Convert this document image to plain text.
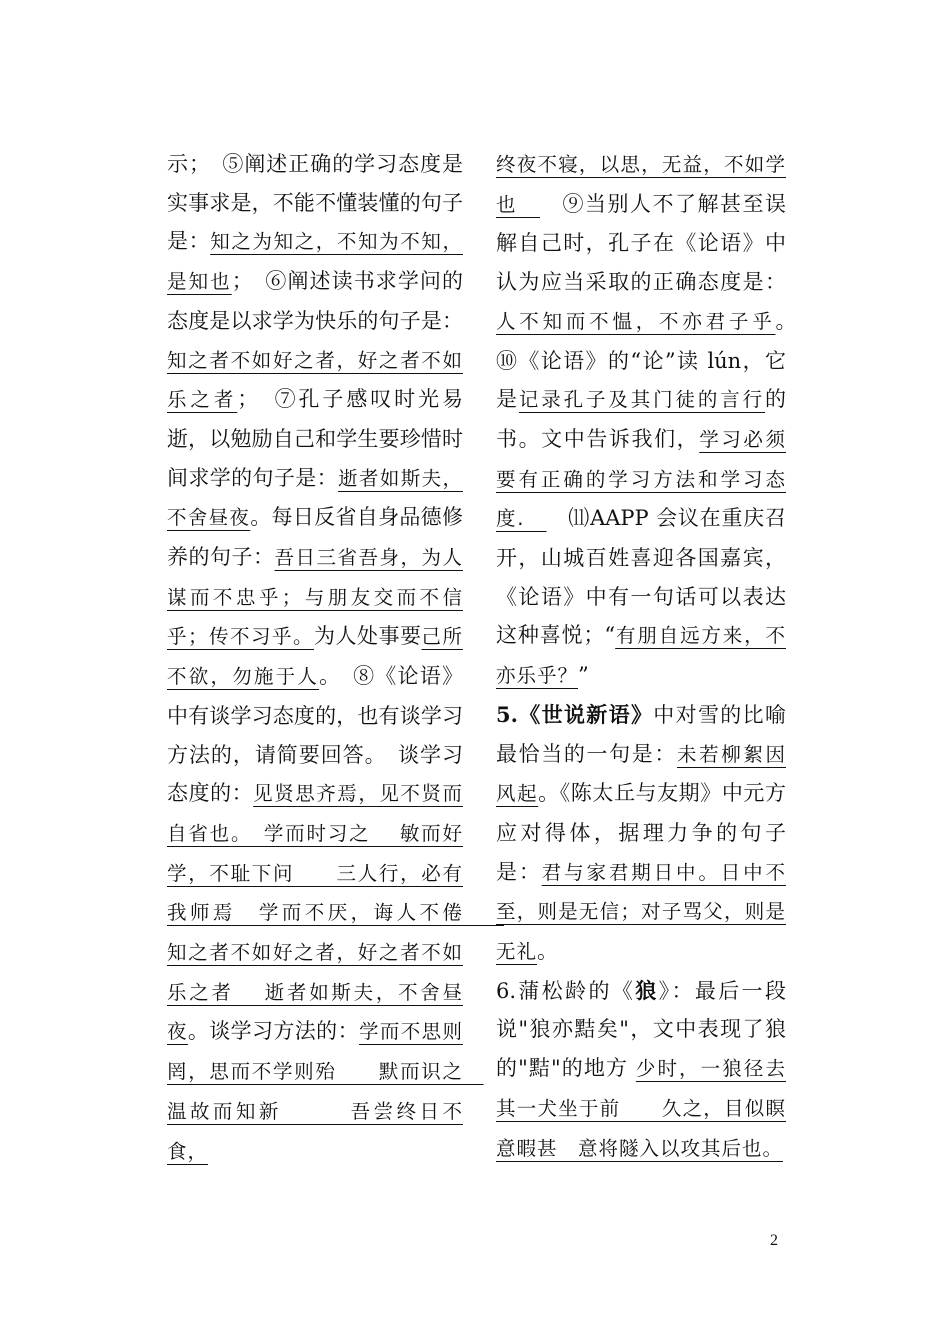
示；　⑤阐述正确的学习态度是实事求是，不能不懂装懂的句子是：知之为知之，不知为不知，是知也；　⑥阐述读书求学问的态度是以求学为快乐的句子是：知之者不如好之者，好之者不如乐之者；　⑦孔子感叹时光易逝，以勉励自己和学生要珍惜时间求学的句子是：逝者如斯夫，不舍昼夜。每日反省自身品德修养的句子：吾日三省吾身，为人谋而不忠乎；与朋友交而不信乎；传不习乎。为人处事要己所不欲，勿施于人。　⑧《论语》中有谈学习态度的，也有谈学习方法的，请简要回答。　谈学习态度的：见贤思齐焉，见不贤而自省也。　学而时习之　 敏而好学，不耻下问　　三人行，必有我师焉　学而不厌，诲人不倦　　知之者不如好之者，好之者不如乐之者　 逝者如斯夫，不舍昼夜。谈学习方法的：学而不思则罔，思而不学则殆　　默而识之　温故而知新　　　吾尝终日不食，
终夜不寝，以思，无益，不如学也　　⑨当别人不了解甚至误解自己时，孔子在《论语》中认为应当采取的正确态度是：人不知而不愠，不亦君子乎。　⑩《论语》的“论”读 lún，它是记录孔子及其门徒的言行的书。文中告诉我们，学习必须要有正确的学习方法和学习态度.　　⑾AAPP 会议在重庆召开，山城百姓喜迎各国嘉宾，《论语》中有一句话可以表达这种喜悦；“有朋自远方来，不亦乐乎？”
5.《世说新语》中对雪的比喻最恰当的一句是：未若柳絮因风起。《陈太丘与友期》中元方应对得体，据理力争的句子是：君与家君期日中。日中不至，则是无信；对子骂父，则是无礼。
6.蒲松龄的《狼》：最后一段说"狼亦黠矣"，文中表现了狼的"黠"的地方 少时，一狼径去其一犬坐于前　　久之，目似瞑意暇甚　意将隧入以攻其后也。
2
